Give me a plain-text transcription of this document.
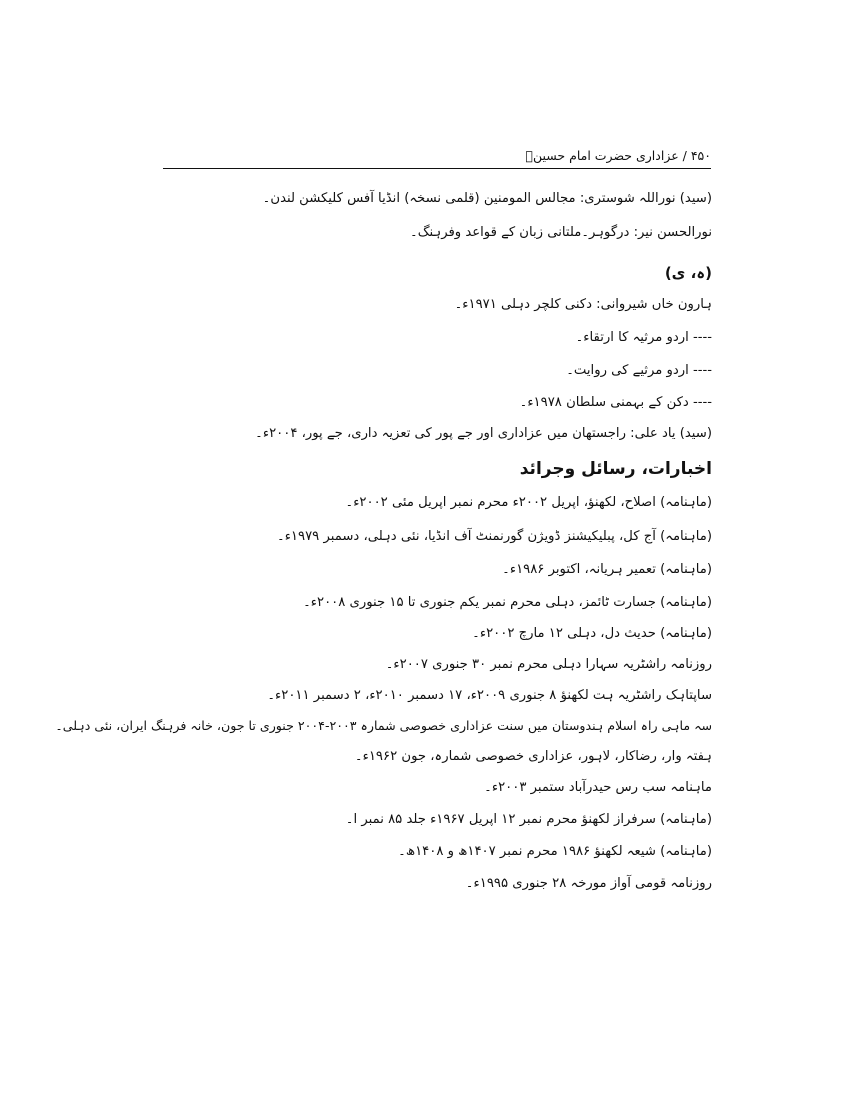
۴۵۰ / عزاداری حضرت امام حسینؑ
(سید) نوراللہ شوستری: مجالس المومنین (قلمی نسخہ) انڈیا آفس کلیکشن لندن۔
نورالحسن نیر: درگوہر۔ملتانی زبان کے قواعد وفرہنگ۔
(ہ، ی)
ہارون خاں شیروانی: دکنی کلچر دہلی ۱۹۷۱ء۔
---- اردو مرثیہ کا ارتقاء۔
---- اردو مرثیے کی روایت۔
---- دکن کے بہمنی سلطان ۱۹۷۸ء۔
(سید) یاد علی: راجستھان میں عزاداری اور جے پور کی تعزیہ داری، جے پور، ۲۰۰۴ء۔
اخبارات، رسائل وجرائد
(ماہنامہ) اصلاح، لکھنؤ، اپریل ۲۰۰۲ء محرم نمبر اپریل مئی ۲۰۰۲ء۔
(ماہنامہ) آج کل، پبلیکیشنز ڈویژن گورنمنٹ آف انڈیا، نئی دہلی، دسمبر ۱۹۷۹ء۔
(ماہنامہ) تعمیر ہریانہ، اکتوبر ۱۹۸۶ء۔
(ماہنامہ) جسارت ٹائمز، دہلی محرم نمبر یکم جنوری تا ۱۵ جنوری ۲۰۰۸ء۔
(ماہنامہ) حدیث دل، دہلی ۱۲ مارچ ۲۰۰۲ء۔
روزنامہ راشٹریہ سہارا دہلی محرم نمبر ۳۰ جنوری ۲۰۰۷ء۔
ساپتاہک راشٹریہ ہت لکھنؤ ۸ جنوری ۲۰۰۹ء، ۱۷ دسمبر ۲۰۱۰ء، ۲ دسمبر ۲۰۱۱ء۔
سہ ماہی راہ اسلام ہندوستان میں سنت عزاداری خصوصی شمارہ ۲۰۰۳-۲۰۰۴ جنوری تا جون، خانہ فرہنگ ایران، نئی دہلی۔
ہفتہ وار، رضاکار، لاہور، عزاداری خصوصی شمارہ، جون ۱۹۶۲ء۔
ماہنامہ سب رس حیدرآباد ستمبر ۲۰۰۳ء۔
(ماہنامہ) سرفراز لکھنؤ محرم نمبر ۱۲ اپریل ۱۹۶۷ء جلد ۸۵ نمبر ا۔
(ماہنامہ) شیعہ لکھنؤ ۱۹۸۶ محرم نمبر ۱۴۰۷ھ و ۱۴۰۸ھ۔
روزنامہ قومی آواز مورخہ ۲۸ جنوری ۱۹۹۵ء۔
